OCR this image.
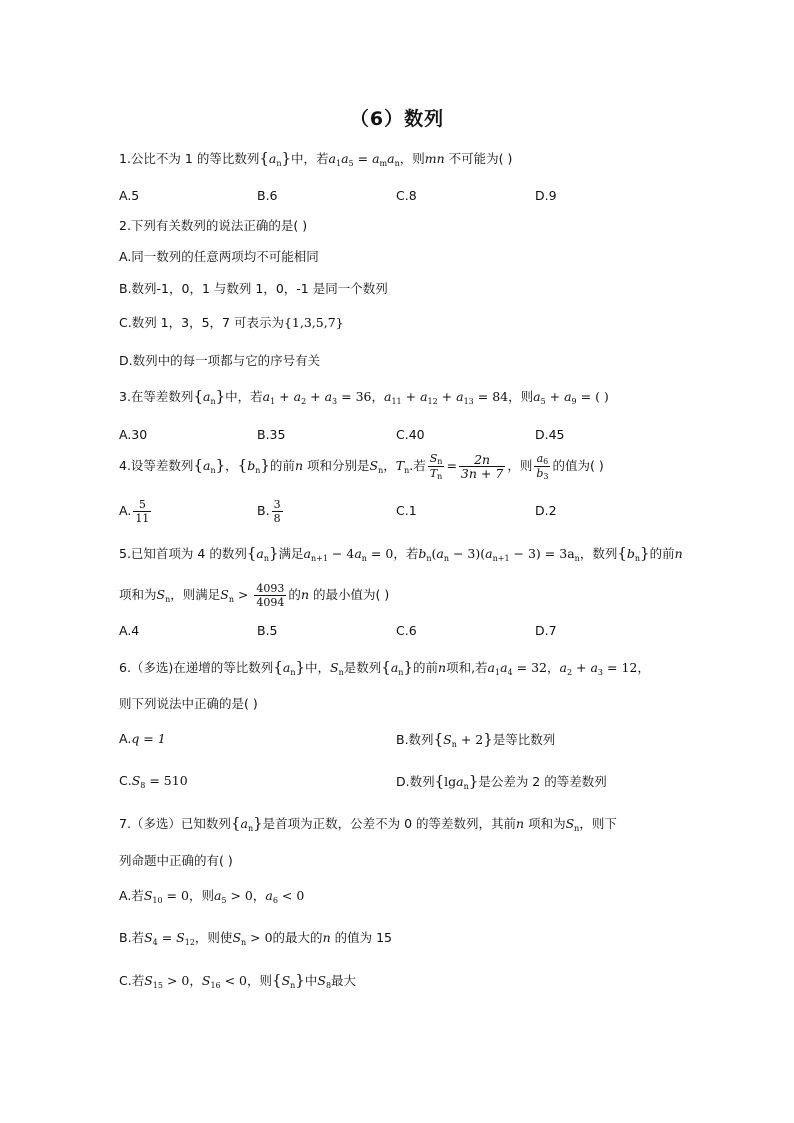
（6）数列
1.公比不为 1 的等比数列$\{a_n\}$中，若$a_1a_5 = a_ma_n$，则mn 不可能为( )
A.5	B.6	C.8	D.9
2.下列有关数列的说法正确的是( )
A.同一数列的任意两项均不可能相同
B.数列-1，0，1 与数列 1，0，-1 是同一个数列
C.数列 1，3，5，7 可表示为{1,3,5,7}
D.数列中的每一项都与它的序号有关
3.在等差数列$\{a_n\}$中，若$a_1 + a_2 + a_3 = 36$，$a_{11} + a_{12} + a_{13} = 84$，则$a_5 + a_9$ = ( )
A.30	B.35	C.40	D.45
4.设等差数列$\{a_n\}$，$\{b_n\}$的前n 项和分别是$S_n$，$T_n$.若 $\frac{Sn}{Tn} = \frac{2n}{3n + 7}$ ，则 $\frac{a6}{b3}$ 的值为( )
A. $\frac{5}{11}$	B. $\frac{3}{8}$	C.1	D.2
5.已知首项为 4 的数列$\{a_n\}$满足$a_{n+1} - 4a_n = 0$，若$b_n(a_n - 3)(a_{n+1} - 3) = 3a_n$，数列$\{b_n\}$的前n
项和为$S_n$，则满足$S_n > \frac{4093}{4094}$ 的n 的最小值为( )
A.4	B.5	C.6	D.7
6.（多选)在递增的等比数列$\{a_n\}$中，$S_n$是数列$\{a_n\}$的前n项和,若$a_1a_4 = 32$，$a_2 + a_3 = 12$，
则下列说法中正确的是( )
A.q = 1	B.数列$\{S_n + 2\}$是等比数列
$C.S_8 = 510$	D.数列{lga$_n$}是公差为 2 的等差数列
7.（多选）已知数列$\{a_n\}$是首项为正数，公差不为 0 的等差数列，其前n 项和为$S_n$，则下
列命题中正确的有( )
A.若$S_{10} = 0$，则$a_5 > 0$，$a_6 < 0$
B.若$S_4 = S_{12}$，则使$S_n > 0$的最大的n 的值为 15
C.若$S_{15} > 0$，$S_{16} < 0$，则$\{S_n\}$中$S_8$最大
